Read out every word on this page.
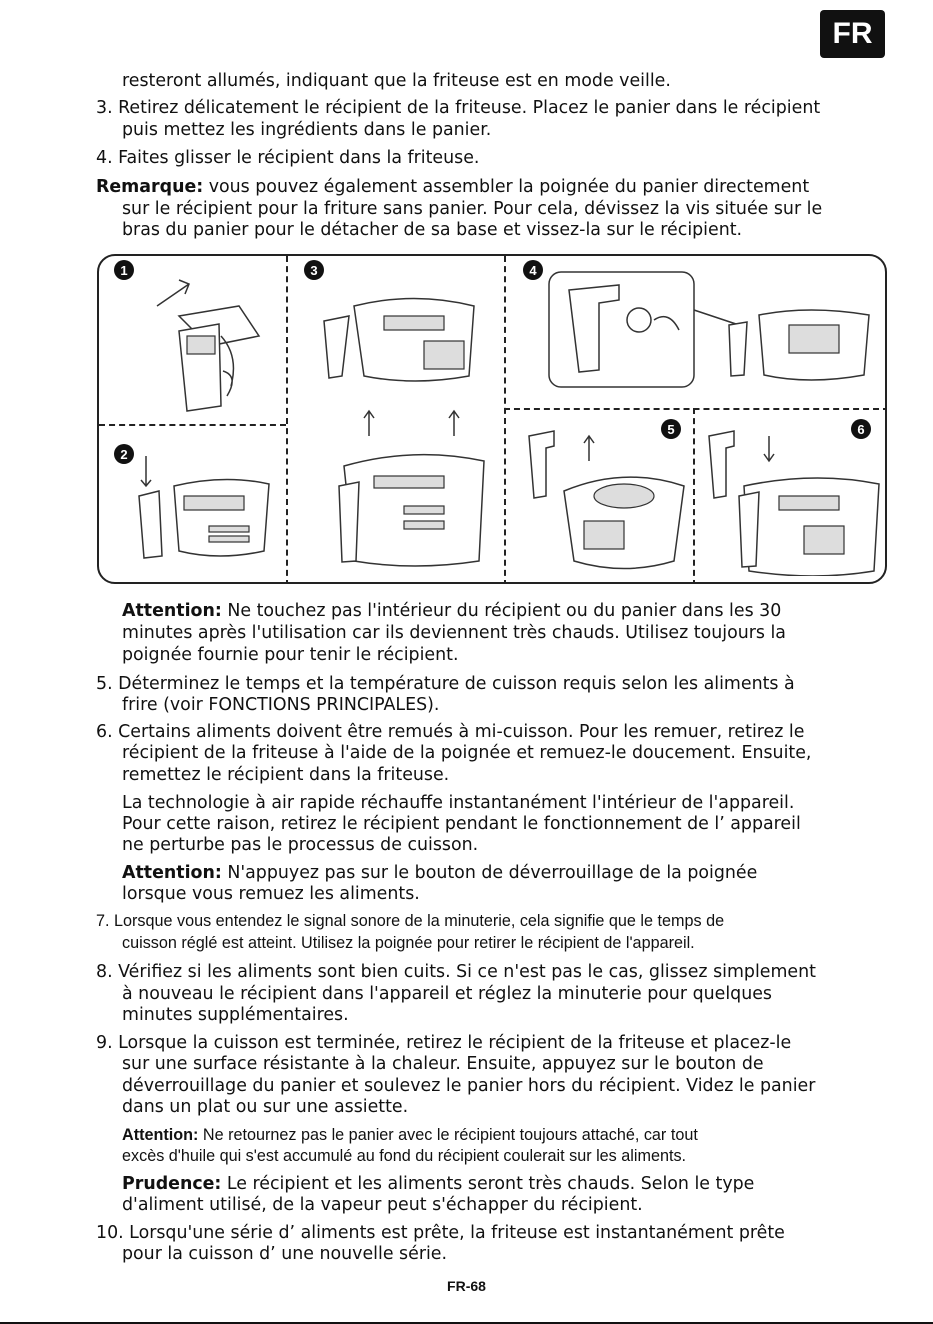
FR
resteront allumés, indiquant que la friteuse est en mode veille.
3. Retirez délicatement le récipient de la friteuse. Placez le panier dans le récipient
puis mettez les ingrédients dans le panier.
4. Faites glisser le récipient dans la friteuse.
Remarque: vous pouvez également assembler la poignée du panier directement
sur le récipient pour la friture sans panier. Pour cela, dévissez la vis située sur le
bras du panier pour le détacher de sa base et vissez-la sur le récipient.
1
2
3	4
5	6
Attention: Ne touchez pas l'intérieur du récipient ou du panier dans les 30
minutes après l'utilisation car ils deviennent très chauds. Utilisez toujours la
poignée fournie pour tenir le récipient.
5. Déterminez le temps et la température de cuisson requis selon les aliments à
frire (voir FONCTIONS PRINCIPALES).
6. Certains aliments doivent être remués à mi-cuisson. Pour les remuer, retirez le
récipient de la friteuse à l'aide de la poignée et remuez-le doucement. Ensuite,
remettez le récipient dans la friteuse.
La technologie à air rapide réchauffe instantanément l'intérieur de l'appareil.
Pour cette raison, retirez le récipient pendant le fonctionnement de l’ appareil
ne perturbe pas le processus de cuisson.
Attention: N'appuyez pas sur le bouton de déverrouillage de la poignée
lorsque vous remuez les aliments.
7. Lorsque vous entendez le signal sonore de la minuterie, cela signifie que le temps de
cuisson réglé est atteint. Utilisez la poignée pour retirer le récipient de l'appareil.
8. Vérifiez si les aliments sont bien cuits. Si ce n'est pas le cas, glissez simplement
à nouveau le récipient dans l'appareil et réglez la minuterie pour quelques
minutes supplémentaires.
9. Lorsque la cuisson est terminée, retirez le récipient de la friteuse et placez-le
sur une surface résistante à la chaleur. Ensuite, appuyez sur le bouton de
déverrouillage du panier et soulevez le panier hors du récipient. Videz le panier
dans un plat ou sur une assiette.
Attention: Ne retournez pas le panier avec le récipient toujours attaché, car tout
excès d'huile qui s'est accumulé au fond du récipient coulerait sur les aliments.
Prudence: Le récipient et les aliments seront très chauds. Selon le type
d'aliment utilisé, de la vapeur peut s'échapper du récipient.
10. Lorsqu'une série d’ aliments est prête, la friteuse est instantanément prête
pour la cuisson d’ une nouvelle série.
FR-68
